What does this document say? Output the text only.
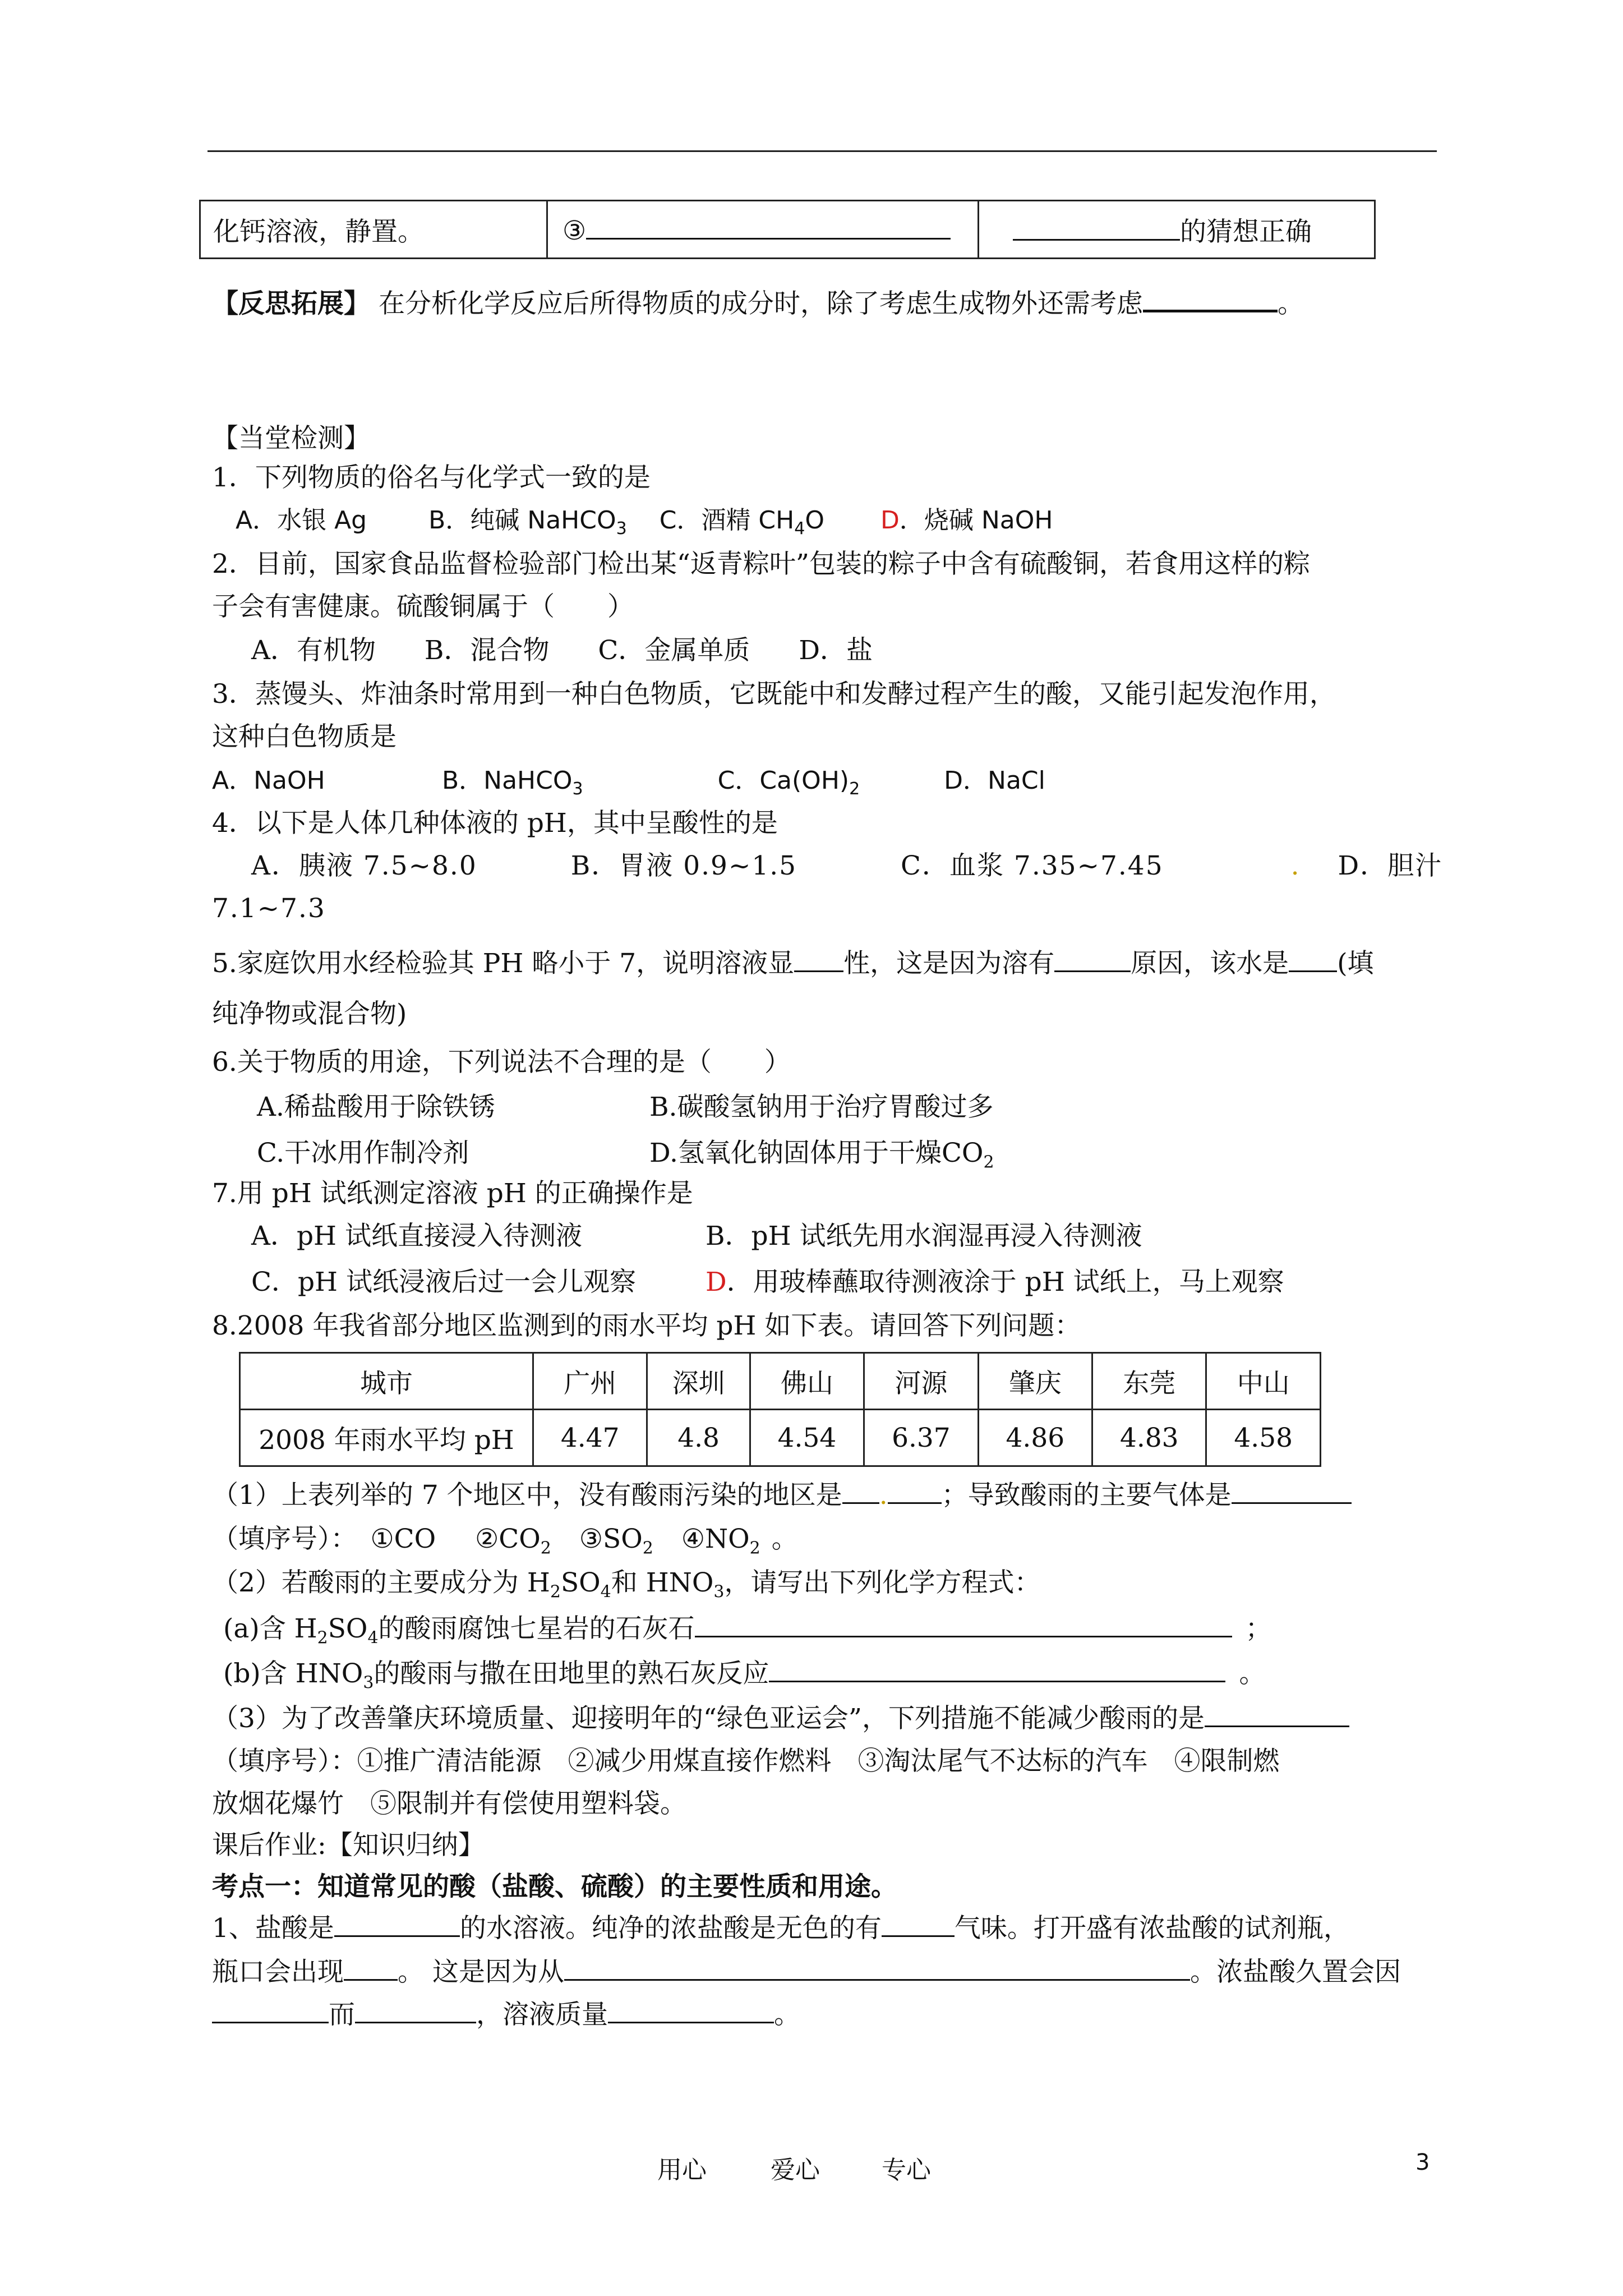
化钙溶液，静置。	③	的猜想正确
【反思拓展】 在分析化学反应后所得物质的成分时，除了考虑生成物外还需考虑	。
【当堂检测】
1．下列物质的俗名与化学式一致的是
A．水银 Ag	B．纯碱 NaHCO$_3$ C．酒精 $CH_4O$ D．烧碱 NaOH
2．目前，国家食品监督检验部门检出某“返青粽叶”包装的粽子中含有硫酸铜，若食用这样的粽
子会有害健康。硫酸铜属于（　　）
A．有机物 B．混合物 C．金属单质 D．盐
3．蒸馒头、炸油条时常用到一种白色物质，它既能中和发酵过程产生的酸，又能引起发泡作用，
这种白色物质是
A．NaOH	B．NaHCO$_3$	C．$Ca(OH)_2$	D．NaCl
4．以下是人体几种体液的 pH，其中呈酸性的是
A．胰液 7.5~8.0	B．胃液 0.9~1.5	C．血浆 7.35~7.45	. D．胆汁
7.1~7.3
5.家庭饮用水经检验其 PH 略小于 7，说明溶液显 性，这是因为溶有	原因，该水是 (填
纯净物或混合物)
6.关于物质的用途，下列说法不合理的是（　　）
A.稀盐酸用于除铁锈	B.碳酸氢钠用于治疗胃酸过多
C.干冰用作制冷剂	D.氢氧化钠固体用于干燥$CO_2$
7.用 pH 试纸测定溶液 pH 的正确操作是
A．pH 试纸直接浸入待测液	B．pH 试纸先用水润湿再浸入待测液
C．pH 试纸浸液后过一会儿观察	D．用玻棒蘸取待测液涂于 pH 试纸上，马上观察
8.2008 年我省部分地区监测到的雨水平均 pH 如下表。请回答下列问题：
城市	广州	深圳	佛山	河源	肇庆	东莞	中山
2008 年雨水平均 pH	4.47	4.8	4.54	6.37	4.86	4.83	4.58
（1）上表列举的 7 个地区中，没有酸雨污染的地区是 . ；导致酸雨的主要气体是
（填序号）： ①CO $②CO_2$ $③SO_2$ $④NO_2$ 。
（2）若酸雨的主要成分为 $H_2SO_4$和 $HNO_3$，请写出下列化学方程式：
(a)含 $H_2SO_4$的酸雨腐蚀七星岩的石灰石	；
(b)含 $HNO_3$的酸雨与撒在田地里的熟石灰反应	。
（3）为了改善肇庆环境质量、迎接明年的“绿色亚运会”，下列措施不能减少酸雨的是
（填序号）：①推广清洁能源　②减少用煤直接作燃料　③淘汰尾气不达标的汽车　④限制燃
放烟花爆竹　⑤限制并有偿使用塑料袋。
课后作业:【知识归纳】
考点一：知道常见的酸（盐酸、硫酸）的主要性质和用途。
1、盐酸是	的水溶液。纯净的浓盐酸是无色的有	气味。打开盛有浓盐酸的试剂瓶，
瓶口会出现 。 这是因为从	。浓盐酸久置会因
而	，溶液质量	。
用心	爱心	专心	3
